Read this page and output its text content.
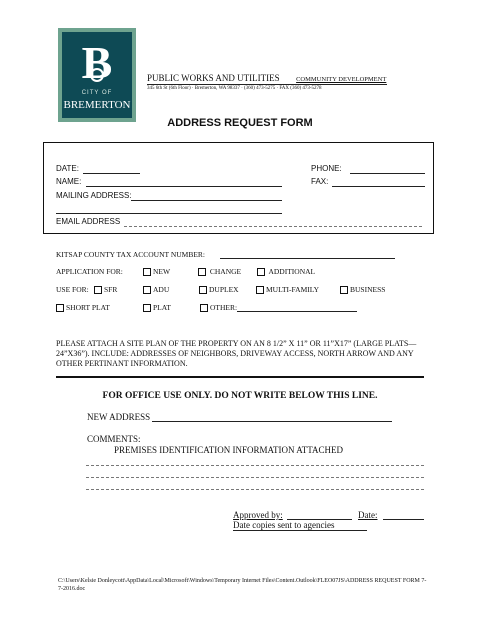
B
CITY OF
BREMERTON
PUBLIC WORKS AND UTILITIES	COMMUNITY DEVELOPMENT
345 6th St (6th Floor) · Bremerton, WA 98337 · (360) 473-5275 · FAX (360) 473-5278
ADDRESS REQUEST FORM
DATE:	PHONE:
NAME:	FAX:
MAILING ADDRESS:
EMAIL ADDRESS
KITSAP COUNTY TAX ACCOUNT NUMBER:
APPLICATION FOR:	NEW	CHANGE	ADDITIONAL
USE FOR:	SFR	ADU	DUPLEX	MULTI-FAMILY	BUSINESS
SHORT PLAT	PLAT	OTHER:
PLEASE ATTACH A SITE PLAN OF THE PROPERTY ON AN 8 1/2” X 11” OR 11”X17” (LARGE PLATS—24”X36”). INCLUDE: ADDRESSES OF NEIGHBORS, DRIVEWAY ACCESS, NORTH ARROW AND ANY OTHER PERTINANT INFORMATION.
FOR OFFICE USE ONLY. DO NOT WRITE BELOW THIS LINE.
NEW ADDRESS
COMMENTS:
PREMISES IDENTIFICATION INFORMATION ATTACHED
Approved by:	Date:
Date copies sent to agencies
C:\Users\Kelsie Donleycott\AppData\Local\Microsoft\Windows\Temporary Internet Files\Content.Outlook\FLEO07JS\ADDRESS REQUEST FORM 7-7-2016.doc
